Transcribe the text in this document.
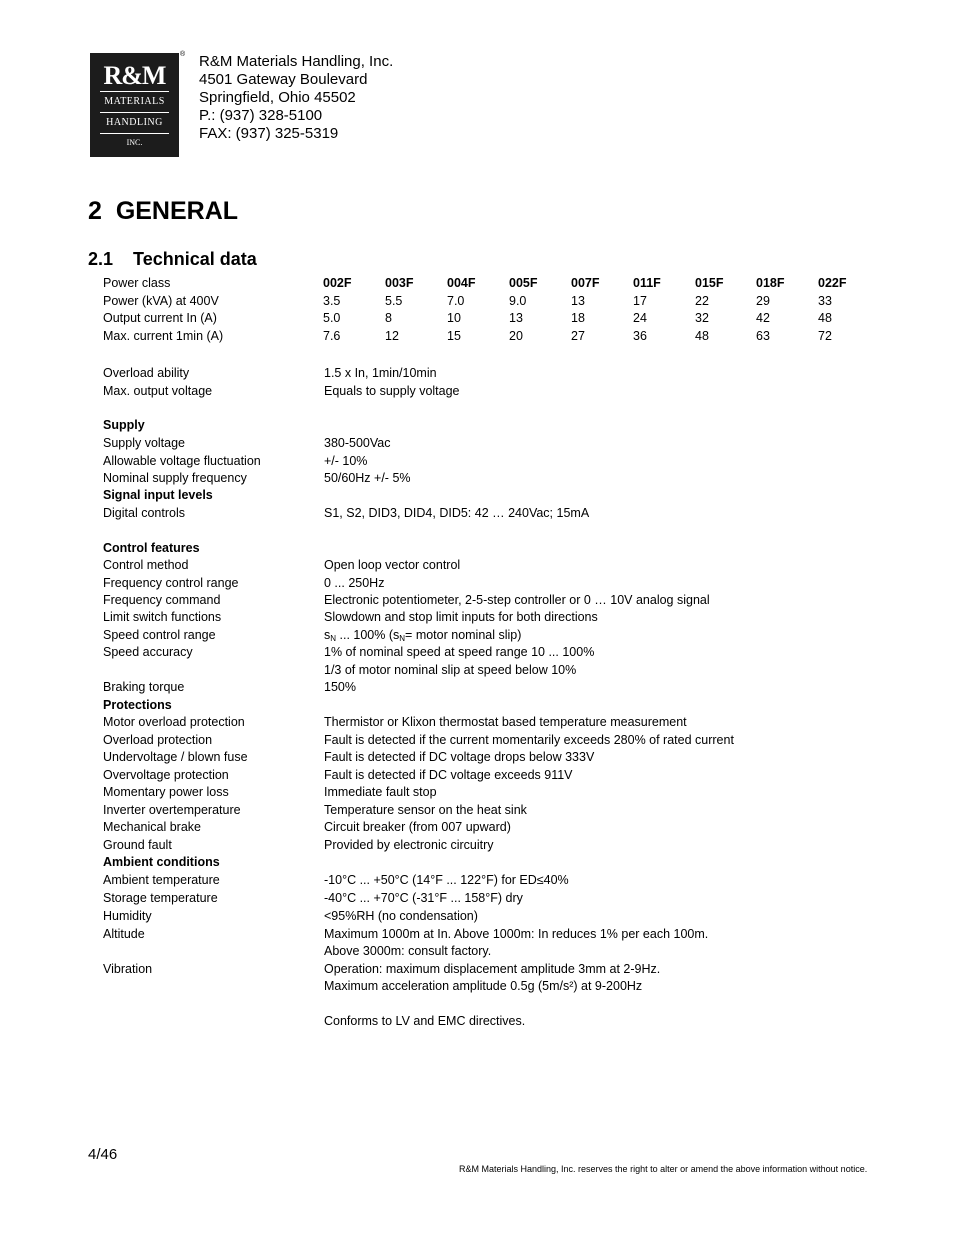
R&M
MATERIALS
HANDLING
INC.
® R&M Materials Handling, Inc.
4501 Gateway Boulevard
Springfield, Ohio 45502
P.: (937) 328-5100
FAX: (937) 325-5319
2 GENERAL
2.1 Technical data
Power class	002F	003F	004F	005F	007F	011F	015F	018F	022F
Power (kVA) at 400V	3.5	5.5	7.0	9.0	13	17	22	29	33
Output current In (A)	5.0	8	10	13	18	24	32	42	48
Max. current 1min (A)	7.6	12	15	20	27	36	48	63	72
Overload ability	1.5 x In, 1min/10min
Max. output voltage	Equals to supply voltage
Supply
Supply voltage	380-500Vac
Allowable voltage fluctuation	+/- 10%
Nominal supply frequency	50/60Hz +/- 5%
Signal input levels
Digital controls	S1, S2, DID3, DID4, DID5: 42 … 240Vac; 15mA
Control features
Control method	Open loop vector control
Frequency control range	0 ... 250Hz
Frequency command	Electronic potentiometer, 2-5-step controller or 0 … 10V analog signal
Limit switch functions	Slowdown and stop limit inputs for both directions
Speed control range	$s_N$ ... 100% ($s_N=$ motor nominal slip)
Speed accuracy	1% of nominal speed at speed range 10 ... 100%
1/3 of motor nominal slip at speed below 10%
Braking torque	150%
Protections
Motor overload protection	Thermistor or Klixon thermostat based temperature measurement
Overload protection	Fault is detected if the current momentarily exceeds 280% of rated current
Undervoltage / blown fuse	Fault is detected if DC voltage drops below 333V
Overvoltage protection	Fault is detected if DC voltage exceeds 911V
Momentary power loss	Immediate fault stop
Inverter overtemperature	Temperature sensor on the heat sink
Mechanical brake	Circuit breaker (from 007 upward)
Ground fault	Provided by electronic circuitry
Ambient conditions
Ambient temperature	-10°C ... +50°C (14°F ... 122°F) for ED≤40%
Storage temperature	-40°C ... +70°C (-31°F ... 158°F) dry
Humidity	<95%RH (no condensation)
Altitude	Maximum 1000m at In. Above 1000m: In reduces 1% per each 100m.
Above 3000m: consult factory.
Vibration	Operation: maximum displacement amplitude 3mm at 2-9Hz.
Maximum acceleration amplitude 0.5g (5m/s²) at 9-200Hz
Conforms to LV and EMC directives.
4/46
R&M Materials Handling, Inc. reserves the right to alter or amend the above information without notice.
